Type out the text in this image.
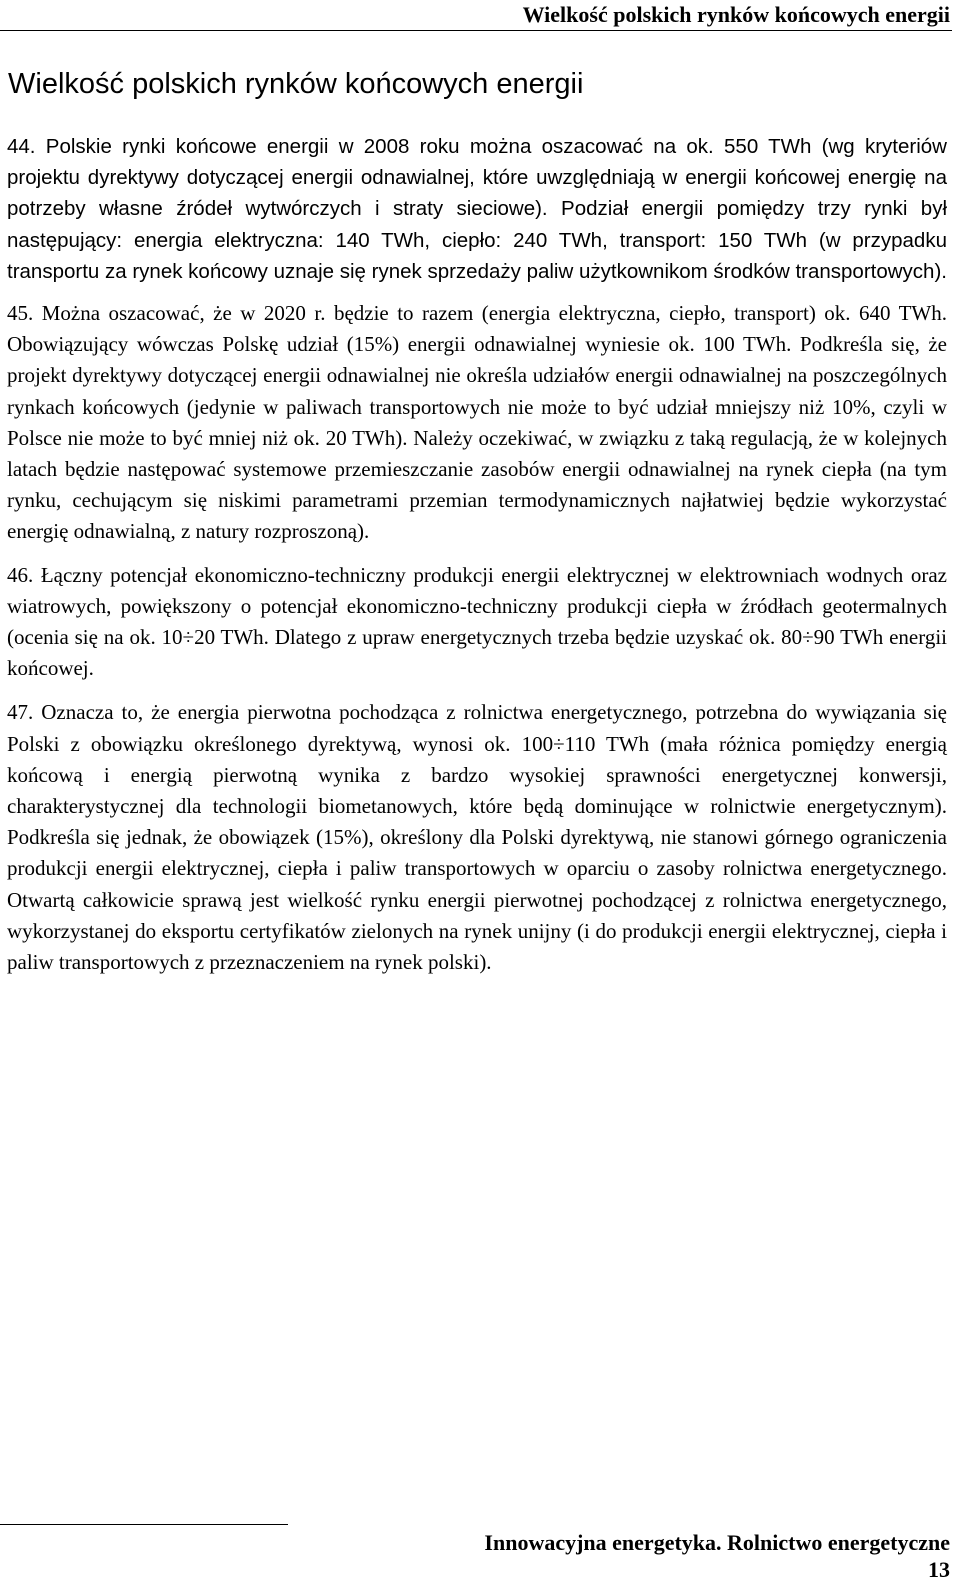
Wielkość polskich rynków końcowych energii
Wielkość polskich rynków końcowych energii

44. Polskie rynki końcowe energii w 2008 roku można oszacować na ok. 550 TWh (wg kryteriów projektu dyrektywy dotyczącej energii odnawialnej, które uwzględniają w energii końcowej energię na potrzeby własne źródeł wytwórczych i straty sieciowe). Podział energii pomiędzy trzy rynki był następujący: energia elektryczna: 140 TWh, ciepło: 240 TWh, transport: 150 TWh (w przypadku transportu za rynek końcowy uznaje się rynek sprzedaży paliw użytkownikom środków transportowych).

45. Można oszacować, że w 2020 r. będzie to razem (energia elektryczna, ciepło, transport) ok. 640 TWh. Obowiązujący wówczas Polskę udział (15%) energii odnawialnej wyniesie ok. 100 TWh. Podkreśla się, że projekt dyrektywy dotyczącej energii odnawialnej nie określa udziałów energii odnawialnej na poszczególnych rynkach końcowych (jedynie w paliwach transportowych nie może to być udział mniejszy niż 10%, czyli w Polsce nie może to być mniej niż ok. 20 TWh). Należy oczekiwać, w związku z taką regulacją, że w kolejnych latach będzie następować systemowe przemieszczanie zasobów energii odnawialnej na rynek ciepła (na tym rynku, cechującym się niskimi parametrami przemian termodynamicznych najłatwiej będzie wykorzystać energię odnawialną, z natury rozproszoną).

46. Łączny potencjał ekonomiczno-techniczny produkcji energii elektrycznej w elektrowniach wodnych oraz wiatrowych, powiększony o potencjał ekonomiczno-techniczny produkcji ciepła w źródłach geotermalnych (ocenia się na ok. 10÷20 TWh. Dlatego z upraw energetycznych trzeba będzie uzyskać ok. 80÷90 TWh energii końcowej.

47. Oznacza to, że energia pierwotna pochodząca z rolnictwa energetycznego, potrzebna do wywiązania się Polski z obowiązku określonego dyrektywą, wynosi ok. 100÷110 TWh (mała różnica pomiędzy energią końcową i energią pierwotną wynika z bardzo wysokiej sprawności energetycznej konwersji, charakterystycznej dla technologii biometanowych, które będą dominujące w rolnictwie energetycznym). Podkreśla się jednak, że obowiązek (15%), określony dla Polski dyrektywą, nie stanowi górnego ograniczenia produkcji energii elektrycznej, ciepła i paliw transportowych w oparciu o zasoby rolnictwa energetycznego. Otwartą całkowicie sprawą jest wielkość rynku energii pierwotnej pochodzącej z rolnictwa energetycznego, wykorzystanej do eksportu certyfikatów zielonych na rynek unijny (i do produkcji energii elektrycznej, ciepła i paliw transportowych z przeznaczeniem na rynek polski).

Innowacyjna energetyka. Rolnictwo energetyczne
13
